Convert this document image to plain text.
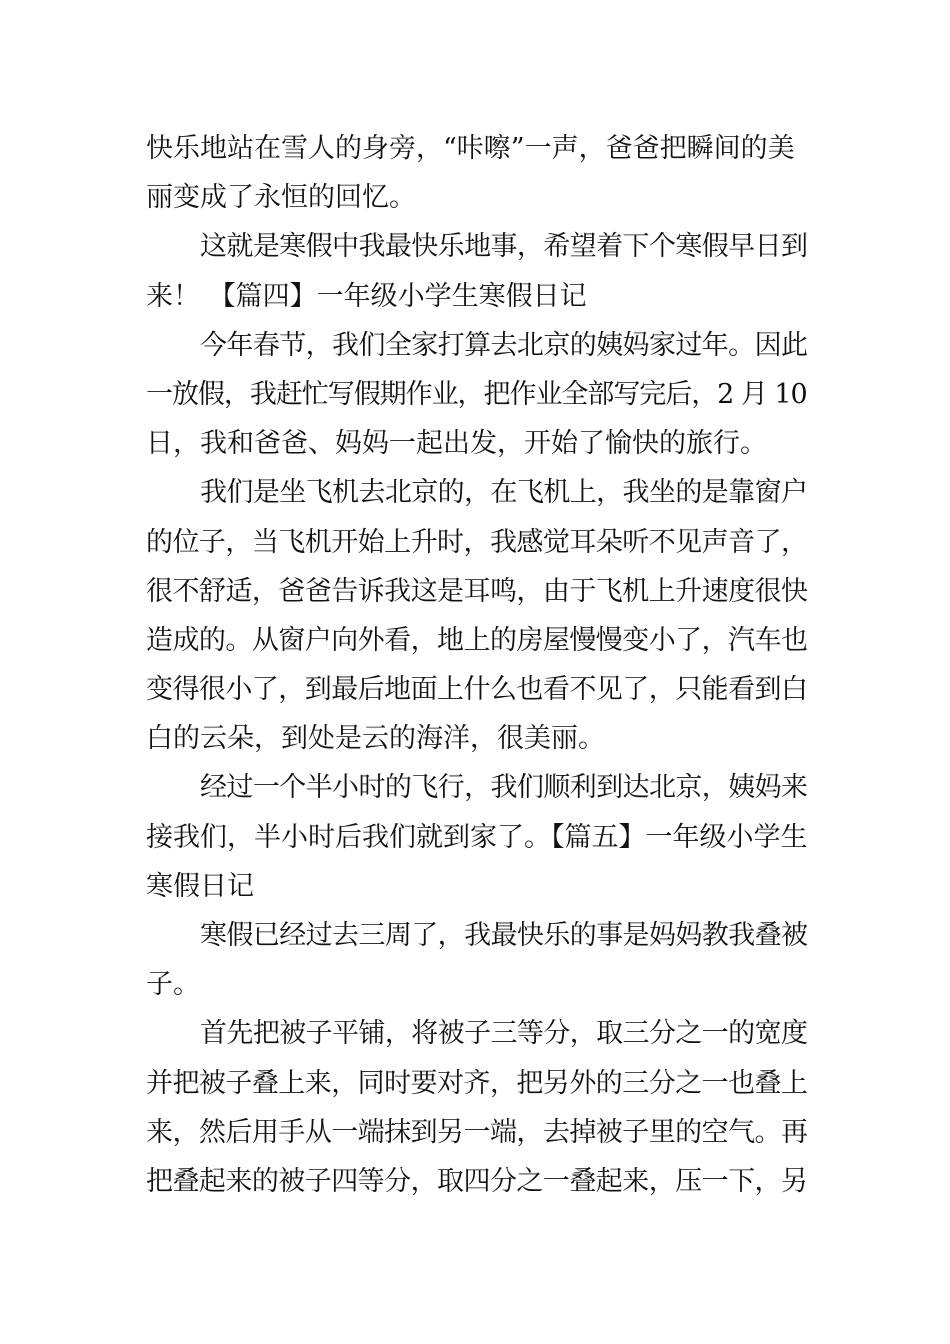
快乐地站在雪人的身旁，“咔嚓”一声，爸爸把瞬间的美
丽变成了永恒的回忆。
这就是寒假中我最快乐地事，希望着下个寒假早日到
来！ 【篇四】一年级小学生寒假日记
今年春节，我们全家打算去北京的姨妈家过年。因此
一放假，我赶忙写假期作业，把作业全部写完后，2 月 10
日，我和爸爸、妈妈一起出发，开始了愉快的旅行。
我们是坐飞机去北京的，在飞机上，我坐的是靠窗户
的位子，当飞机开始上升时，我感觉耳朵听不见声音了，
很不舒适，爸爸告诉我这是耳鸣，由于飞机上升速度很快
造成的。从窗户向外看，地上的房屋慢慢变小了，汽车也
变得很小了，到最后地面上什么也看不见了，只能看到白
白的云朵，到处是云的海洋，很美丽。
经过一个半小时的飞行，我们顺利到达北京，姨妈来
接我们，半小时后我们就到家了。【篇五】一年级小学生
寒假日记
寒假已经过去三周了，我最快乐的事是妈妈教我叠被
子。
首先把被子平铺，将被子三等分，取三分之一的宽度
并把被子叠上来，同时要对齐，把另外的三分之一也叠上
来，然后用手从一端抹到另一端，去掉被子里的空气。再
把叠起来的被子四等分，取四分之一叠起来，压一下，另
